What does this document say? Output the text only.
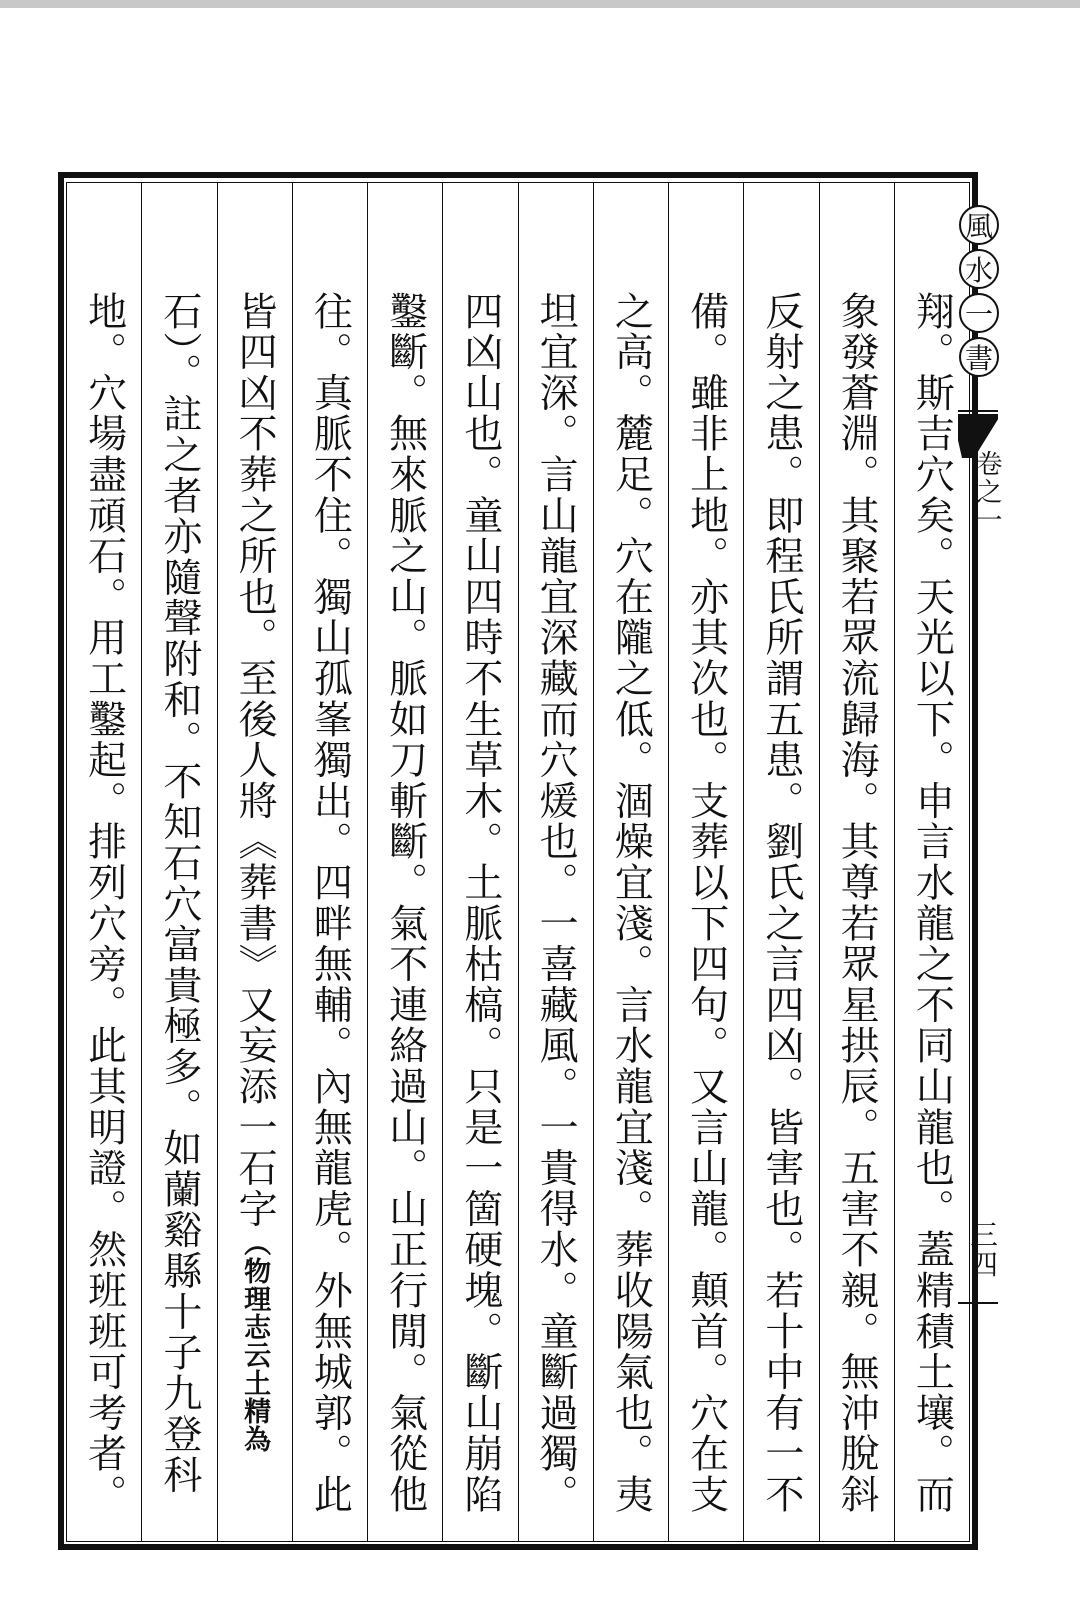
翔。斯吉穴矣。天光以下。申言水龍之不同山龍也。蓋精積土壤。而
象發蒼淵。其聚若眾流歸海。其尊若眾星拱辰。五害不親。無沖脫斜
反射之患。即程氏所謂五患。劉氏之言四凶。皆害也。若十中有一不
備。雖非上地。亦其次也。支葬以下四句。又言山龍。顛首。穴在支
之高。麓足。穴在隴之低。涸燥宜淺。言水龍宜淺。葬收陽氣也。夷
坦宜深。言山龍宜深藏而穴煖也。一喜藏風。一貴得水。童斷過獨。
四凶山也。童山四時不生草木。土脈枯槁。只是一箇硬塊。斷山崩陷
鑿斷。無來脈之山。脈如刀斬斷。氣不連絡過山。山正行閒。氣從他
往。真脈不住。獨山孤峯獨出。四畔無輔。內無龍虎。外無城郭。此
皆四凶不葬之所也。至後人將《葬書》又妄添一石字（物理志云土精為
石）。註之者亦隨聲附和。不知石穴富貴極多。如蘭谿縣十子九登科
地。穴場盡頑石。用工鑿起。排列穴旁。此其明證。然班班可考者。
風
水
一
書
卷之一
三四
